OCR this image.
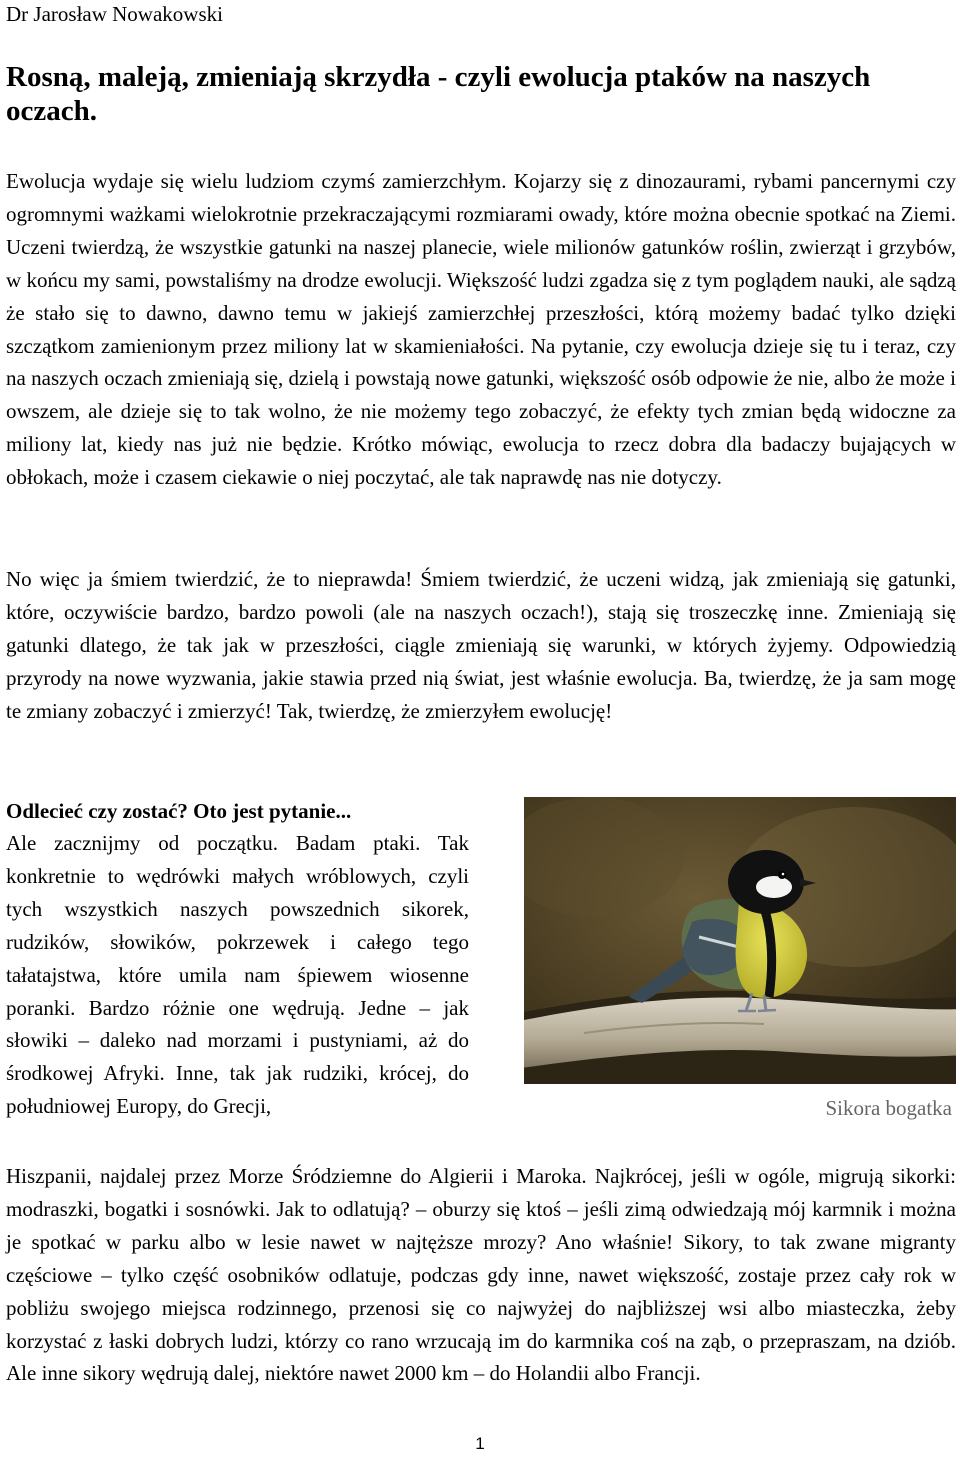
Dr Jarosław Nowakowski
Rosną, maleją, zmieniają skrzydła - czyli ewolucja ptaków na naszych oczach.

Ewolucja wydaje się wielu ludziom czymś zamierzchłym. Kojarzy się z dinozaurami, rybami pancernymi czy ogromnymi ważkami wielokrotnie przekraczającymi rozmiarami owady, które można obecnie spotkać na Ziemi. Uczeni twierdzą, że wszystkie gatunki na naszej planecie, wiele milionów gatunków roślin, zwierząt i grzybów, w końcu my sami, powstaliśmy na drodze ewolucji. Większość ludzi zgadza się z tym poglądem nauki, ale sądzą że stało się to dawno, dawno temu w jakiejś zamierzchłej przeszłości, którą możemy badać tylko dzięki szczątkom zamienionym przez miliony lat w skamieniałości. Na pytanie, czy ewolucja dzieje się tu i teraz, czy na naszych oczach zmieniają się, dzielą i powstają nowe gatunki, większość osób odpowie że nie, albo że może i owszem, ale dzieje się to tak wolno, że nie możemy tego zobaczyć, że efekty tych zmian będą widoczne za miliony lat, kiedy nas już nie będzie. Krótko mówiąc, ewolucja to rzecz dobra dla badaczy bujających w obłokach, może i czasem ciekawie o niej poczytać, ale tak naprawdę nas nie dotyczy.

No więc ja śmiem twierdzić, że to nieprawda! Śmiem twierdzić, że uczeni widzą, jak zmieniają się gatunki, które, oczywiście bardzo, bardzo powoli (ale na naszych oczach!), stają się troszeczkę inne. Zmieniają się gatunki dlatego, że tak jak w przeszłości, ciągle zmieniają się warunki, w których żyjemy. Odpowiedzią przyrody na nowe wyzwania, jakie stawia przed nią świat, jest właśnie ewolucja. Ba, twierdzę, że ja sam mogę te zmiany zobaczyć i zmierzyć! Tak, twierdzę, że zmierzyłem ewolucję!

Odlecieć czy zostać? Oto jest pytanie...

Ale zacznijmy od początku. Badam ptaki. Tak konkretnie to wędrówki małych wróblowych, czyli tych wszystkich naszych powszednich sikorek, rudzików, słowików, pokrzewek i całego tego tałatajstwa, które umila nam śpiewem wiosenne poranki. Bardzo różnie one wędrują. Jedne – jak słowiki – daleko nad morzami i pustyniami, aż do środkowej Afryki. Inne, tak jak rudziki, krócej, do południowej Europy, do Grecji,	Sikora bogatka

Hiszpanii, najdalej przez Morze Śródziemne do Algierii i Maroka. Najkrócej, jeśli w ogóle, migrują sikorki: modraszki, bogatki i sosnówki. Jak to odlatują? – oburzy się ktoś – jeśli zimą odwiedzają mój karmnik i można je spotkać w parku albo w lesie nawet w najtęższe mrozy? Ano właśnie! Sikory, to tak zwane migranty częściowe – tylko część osobników odlatuje, podczas gdy inne, nawet większość, zostaje przez cały rok w pobliżu swojego miejsca rodzinnego, przenosi się co najwyżej do najbliższej wsi albo miasteczka, żeby korzystać z łaski dobrych ludzi, którzy co rano wrzucają im do karmnika coś na ząb, o przepraszam, na dziób. Ale inne sikory wędrują dalej, niektóre nawet 2000 km – do Holandii albo Francji.

1
